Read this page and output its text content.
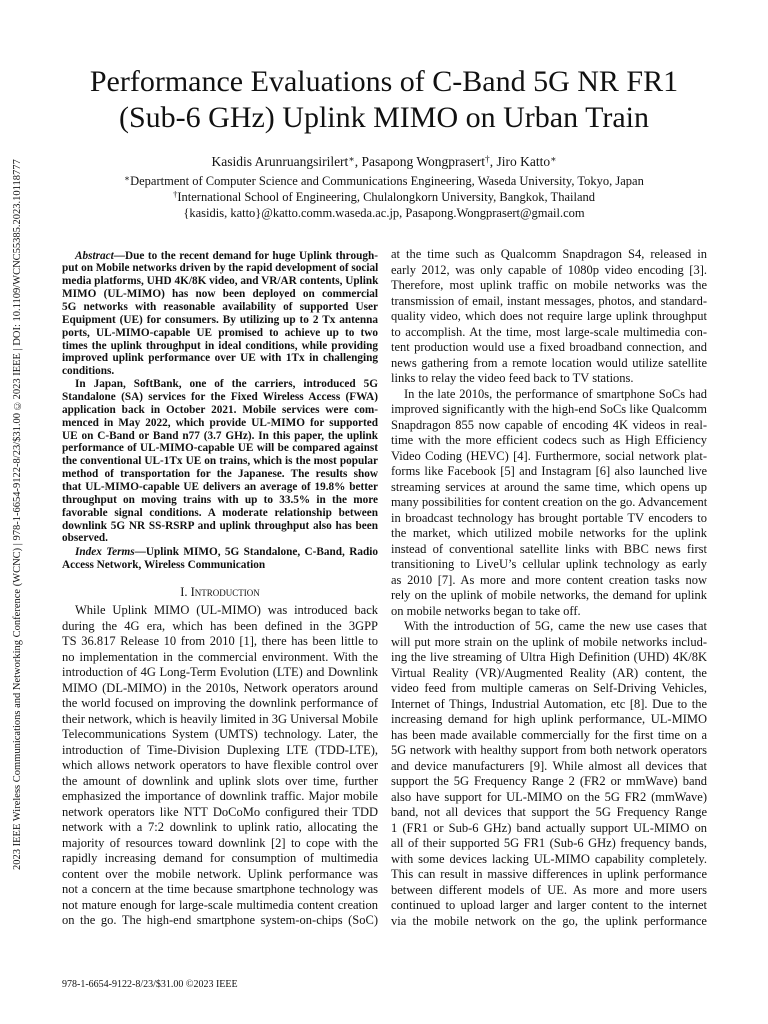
2023 IEEE Wireless Communications and Networking Conference (WCNC) | 978-1-6654-9122-8/23/$31.00 ©2023 IEEE | DOI: 10.1109/WCNC55385.2023.10118777
Performance Evaluations of C-Band 5G NR FR1
(Sub-6 GHz) Uplink MIMO on Urban Train
Kasidis Arunruangsirilert∗, Pasapong Wongprasert†, Jiro Katto∗
∗Department of Computer Science and Communications Engineering, Waseda University, Tokyo, Japan
†International School of Engineering, Chulalongkorn University, Bangkok, Thailand
{kasidis, katto}@katto.comm.waseda.ac.jp, Pasapong.Wongprasert@gmail.com
Abstract—Due to the recent demand for huge Uplink through-
put on Mobile networks driven by the rapid development of social
media platforms, UHD 4K/8K video, and VR/AR contents, Uplink
MIMO (UL-MIMO) has now been deployed on commercial
5G networks with reasonable availability of supported User
Equipment (UE) for consumers. By utilizing up to 2 Tx antenna
ports, UL-MIMO-capable UE promised to achieve up to two
times the uplink throughput in ideal conditions, while providing
improved uplink performance over UE with 1Tx in challenging
conditions.
In Japan, SoftBank, one of the carriers, introduced 5G
Standalone (SA) services for the Fixed Wireless Access (FWA)
application back in October 2021. Mobile services were com-
menced in May 2022, which provide UL-MIMO for supported
UE on C-Band or Band n77 (3.7 GHz). In this paper, the uplink
performance of UL-MIMO-capable UE will be compared against
the conventional UL-1Tx UE on trains, which is the most popular
method of transportation for the Japanese. The results show
that UL-MIMO-capable UE delivers an average of 19.8% better
throughput on moving trains with up to 33.5% in the more
favorable signal conditions. A moderate relationship between
downlink 5G NR SS-RSRP and uplink throughput also has been
observed.
Index Terms—Uplink MIMO, 5G Standalone, C-Band, Radio
Access Network, Wireless Communication
I. Introduction
While Uplink MIMO (UL-MIMO) was introduced back
during the 4G era, which has been defined in the 3GPP
TS 36.817 Release 10 from 2010 [1], there has been little to
no implementation in the commercial environment. With the
introduction of 4G Long-Term Evolution (LTE) and Downlink
MIMO (DL-MIMO) in the 2010s, Network operators around
the world focused on improving the downlink performance of
their network, which is heavily limited in 3G Universal Mobile
Telecommunications System (UMTS) technology. Later, the
introduction of Time-Division Duplexing LTE (TDD-LTE),
which allows network operators to have flexible control over
the amount of downlink and uplink slots over time, further
emphasized the importance of downlink traffic. Major mobile
network operators like NTT DoCoMo configured their TDD
network with a 7:2 downlink to uplink ratio, allocating the
majority of resources toward downlink [2] to cope with the
rapidly increasing demand for consumption of multimedia
content over the mobile network. Uplink performance was
not a concern at the time because smartphone technology was
not mature enough for large-scale multimedia content creation
on the go. The high-end smartphone system-on-chips (SoC)
at the time such as Qualcomm Snapdragon S4, released in
early 2012, was only capable of 1080p video encoding [3].
Therefore, most uplink traffic on mobile networks was the
transmission of email, instant messages, photos, and standard-
quality video, which does not require large uplink throughput
to accomplish. At the time, most large-scale multimedia con-
tent production would use a fixed broadband connection, and
news gathering from a remote location would utilize satellite
links to relay the video feed back to TV stations.
In the late 2010s, the performance of smartphone SoCs had
improved significantly with the high-end SoCs like Qualcomm
Snapdragon 855 now capable of encoding 4K videos in real-
time with the more efficient codecs such as High Efficiency
Video Coding (HEVC) [4]. Furthermore, social network plat-
forms like Facebook [5] and Instagram [6] also launched live
streaming services at around the same time, which opens up
many possibilities for content creation on the go. Advancement
in broadcast technology has brought portable TV encoders to
the market, which utilized mobile networks for the uplink
instead of conventional satellite links with BBC news first
transitioning to LiveU’s cellular uplink technology as early
as 2010 [7]. As more and more content creation tasks now
rely on the uplink of mobile networks, the demand for uplink
on mobile networks began to take off.
With the introduction of 5G, came the new use cases that
will put more strain on the uplink of mobile networks includ-
ing the live streaming of Ultra High Definition (UHD) 4K/8K
Virtual Reality (VR)/Augmented Reality (AR) content, the
video feed from multiple cameras on Self-Driving Vehicles,
Internet of Things, Industrial Automation, etc [8]. Due to the
increasing demand for high uplink performance, UL-MIMO
has been made available commercially for the first time on a
5G network with healthy support from both network operators
and device manufacturers [9]. While almost all devices that
support the 5G Frequency Range 2 (FR2 or mmWave) band
also have support for UL-MIMO on the 5G FR2 (mmWave)
band, not all devices that support the 5G Frequency Range
1 (FR1 or Sub-6 GHz) band actually support UL-MIMO on
all of their supported 5G FR1 (Sub-6 GHz) frequency bands,
with some devices lacking UL-MIMO capability completely.
This can result in massive differences in uplink performance
between different models of UE. As more and more users
continued to upload larger and larger content to the internet
via the mobile network on the go, the uplink performance
978-1-6654-9122-8/23/$31.00 ©2023 IEEE
